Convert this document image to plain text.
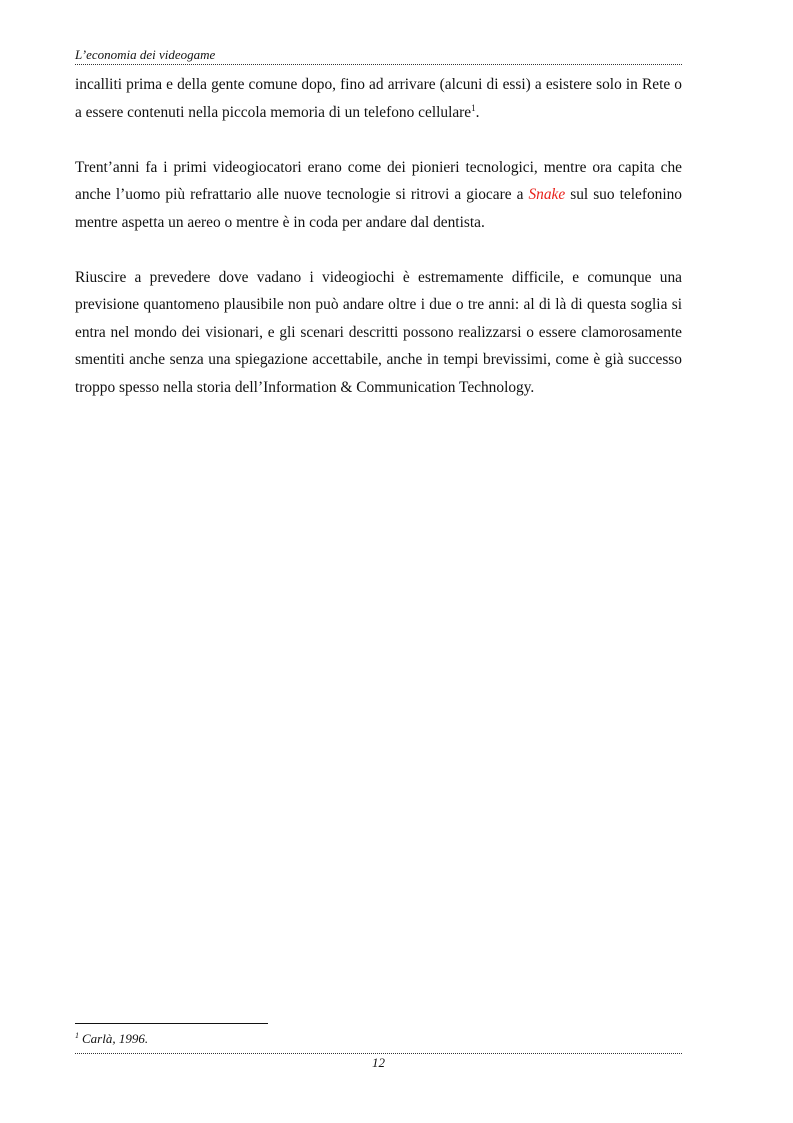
L’economia dei videogame

incalliti prima e della gente comune dopo, fino ad arrivare (alcuni di essi) a esistere solo in Rete o a essere contenuti nella piccola memoria di un telefono cellulare$^1$.

Trent’anni fa i primi videogiocatori erano come dei pionieri tecnologici, mentre ora capita che anche l’uomo più refrattario alle nuove tecnologie si ritrovi a giocare a Snake sul suo telefonino mentre aspetta un aereo o mentre è in coda per andare dal dentista.

Riuscire a prevedere dove vadano i videogiochi è estremamente difficile, e comunque una previsione quantomeno plausibile non può andare oltre i due o tre anni: al di là di questa soglia si entra nel mondo dei visionari, e gli scenari descritti possono realizzarsi o essere clamorosamente smentiti anche senza una spiegazione accettabile, anche in tempi brevissimi, come è già successo troppo spesso nella storia dell’Information & Communication Technology.

$^1$ Carlà, 1996.
12
